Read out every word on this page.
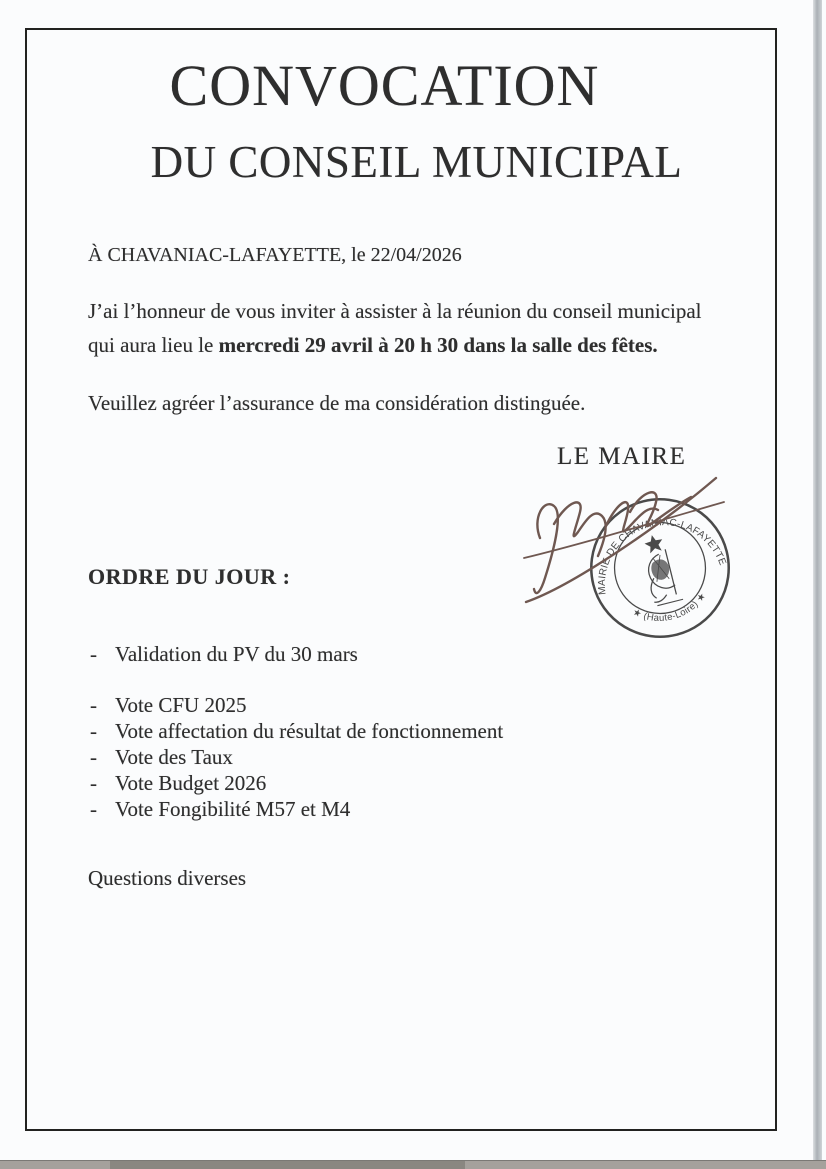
CONVOCATION
DU CONSEIL MUNICIPAL
À CHAVANIAC-LAFAYETTE, le 22/04/2026

J’ai l’honneur de vous inviter à assister à la réunion du conseil municipal

qui aura lieu le mercredi 29 avril à 20 h 30 dans la salle des fêtes.

Veuillez agréer l’assurance de ma considération distinguée.

LE MAIRE
MAIRIE DE CHAVANIAC-LAFAYETTE
★ (Haute-Loire) ★
ORDRE DU JOUR :
- Validation du PV du 30 mars
- Vote CFU 2025
- Vote affectation du résultat de fonctionnement
- Vote des Taux
- Vote Budget 2026
- Vote Fongibilité M57 et M4
Questions diverses
